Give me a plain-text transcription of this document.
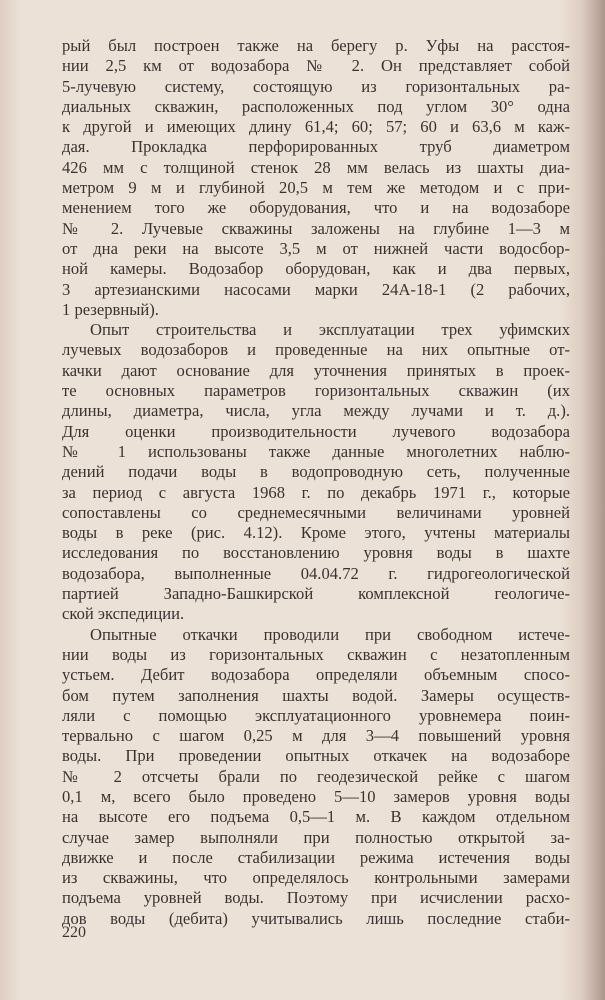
рый был построен также на берегу р. Уфы на расстоя-
нии 2,5 км от водозабора № 2. Он представляет собой
5-лучевую систему, состоящую из горизонтальных ра-
диальных скважин, расположенных под углом 30° одна
к другой и имеющих длину 61,4; 60; 57; 60 и 63,6 м каж-
дая. Прокладка перфорированных труб диаметром
426 мм с толщиной стенок 28 мм велась из шахты диа-
метром 9 м и глубиной 20,5 м тем же методом и с при-
менением того же оборудования, что и на водозаборе
№ 2. Лучевые скважины заложены на глубине 1—3 м
от дна реки на высоте 3,5 м от нижней части водосбор-
ной камеры. Водозабор оборудован, как и два первых,
3 артезианскими насосами марки 24А-18-1 (2 рабочих,
1 резервный).
Опыт строительства и эксплуатации трех уфимских
лучевых водозаборов и проведенные на них опытные от-
качки дают основание для уточнения принятых в проек-
те основных параметров горизонтальных скважин (их
длины, диаметра, числа, угла между лучами и т. д.).
Для оценки производительности лучевого водозабора
№ 1 использованы также данные многолетних наблю-
дений подачи воды в водопроводную сеть, полученные
за период с августа 1968 г. по декабрь 1971 г., которые
сопоставлены со среднемесячными величинами уровней
воды в реке (рис. 4.12). Кроме этого, учтены материалы
исследования по восстановлению уровня воды в шахте
водозабора, выполненные 04.04.72 г. гидрогеологической
партией Западно-Башкирской комплексной геологиче-
ской экспедиции.
Опытные откачки проводили при свободном истече-
нии воды из горизонтальных скважин с незатопленным
устьем. Дебит водозабора определяли объемным спосо-
бом путем заполнения шахты водой. Замеры осуществ-
ляли с помощью эксплуатационного уровнемера поин-
тервально с шагом 0,25 м для 3—4 повышений уровня
воды. При проведении опытных откачек на водозаборе
№ 2 отсчеты брали по геодезической рейке с шагом
0,1 м, всего было проведено 5—10 замеров уровня воды
на высоте его подъема 0,5—1 м. В каждом отдельном
случае замер выполняли при полностью открытой за-
движке и после стабилизации режима истечения воды
из скважины, что определялось контрольными замерами
подъема уровней воды. Поэтому при исчислении расхо-
дов воды (дебита) учитывались лишь последние стаби-
220
